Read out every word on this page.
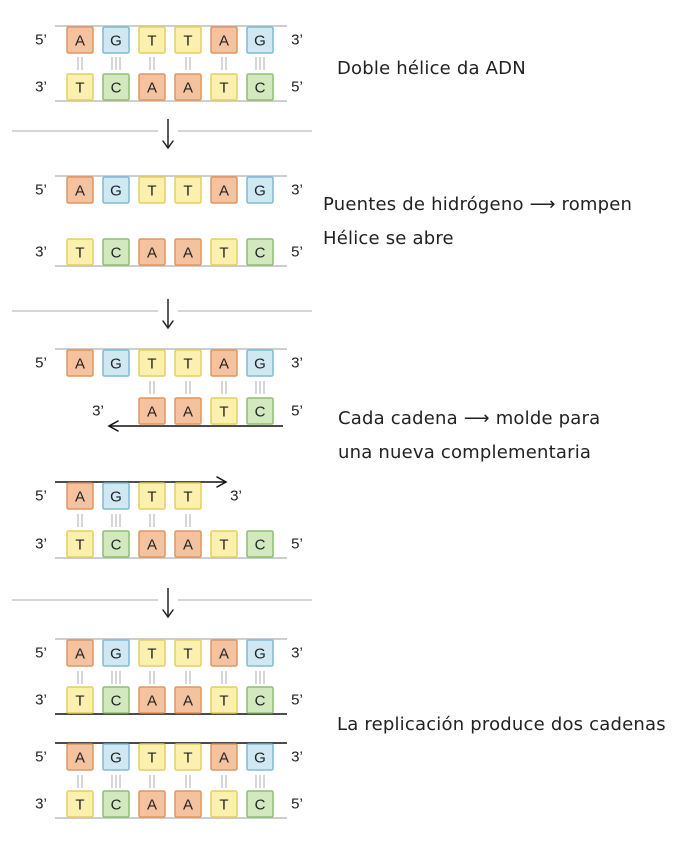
A G T T A G
5’	3’
T C A A T C
3’	5’
A G T T A G
5’	3’
T C A A T C
3’	5’
A G T T A G
5’	3’
A A T C
3’	5’
A G T T
5’	3’
T C A A T C
3’	5’
A G T T A G
5’	3’
T C A A T C
3’	5’
A G T T A G
5’	3’
T C A A T C
3’	5’
Doble hélice da ADN
Puentes de hidrógeno ⟶ rompen
Hélice se abre
Cada cadena ⟶ molde para
una nueva complementaria
La replicación produce dos cadenas
